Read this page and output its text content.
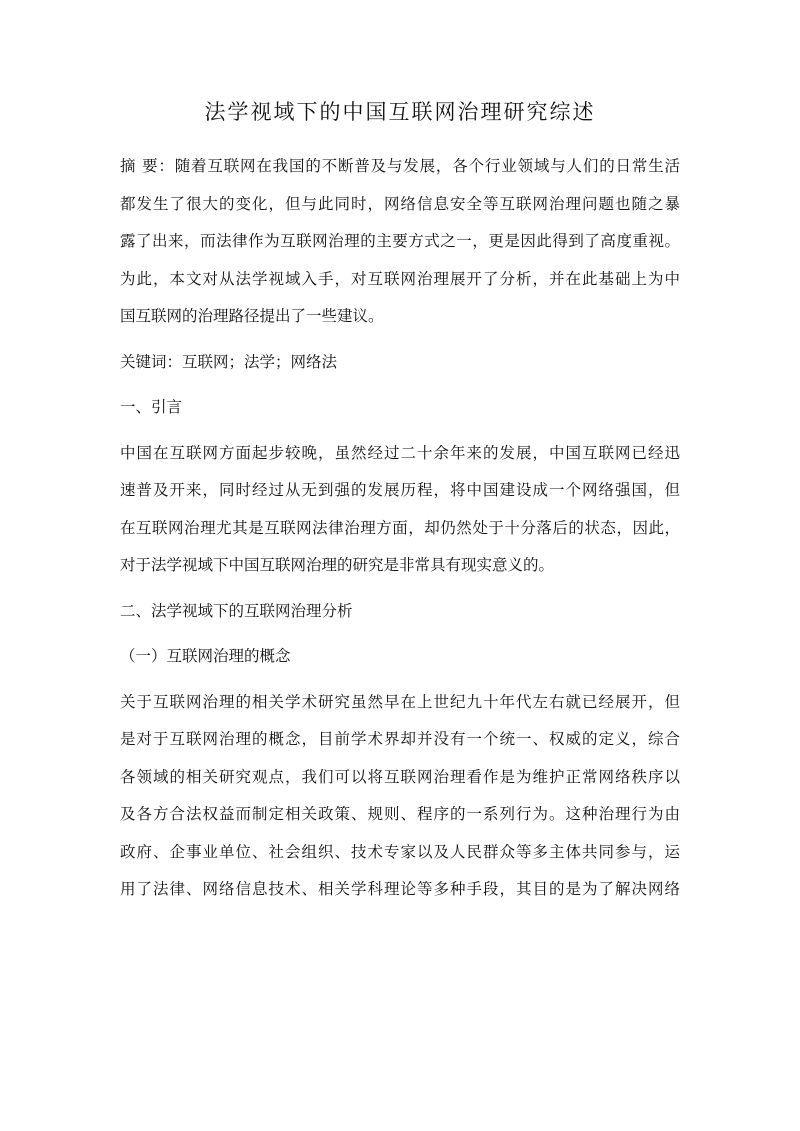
法学视域下的中国互联网治理研究综述
摘 要：随着互联网在我国的不断普及与发展，各个行业领域与人们的日常生活
都发生了很大的变化，但与此同时，网络信息安全等互联网治理问题也随之暴
露了出来，而法律作为互联网治理的主要方式之一，更是因此得到了高度重视。
为此，本文对从法学视域入手，对互联网治理展开了分析，并在此基础上为中
国互联网的治理路径提出了一些建议。
关键词：互联网；法学；网络法
一、引言
中国在互联网方面起步较晚，虽然经过二十余年来的发展，中国互联网已经迅
速普及开来，同时经过从无到强的发展历程，将中国建设成一个网络强国，但
在互联网治理尤其是互联网法律治理方面，却仍然处于十分落后的状态，因此，
对于法学视域下中国互联网治理的研究是非常具有现实意义的。
二、法学视域下的互联网治理分析
（一）互联网治理的概念
关于互联网治理的相关学术研究虽然早在上世纪九十年代左右就已经展开，但
是对于互联网治理的概念，目前学术界却并没有一个统一、权威的定义，综合
各领域的相关研究观点，我们可以将互联网治理看作是为维护正常网络秩序以
及各方合法权益而制定相关政策、规则、程序的一系列行为。这种治理行为由
政府、企事业单位、社会组织、技术专家以及人民群众等多主体共同参与，运
用了法律、网络信息技术、相关学科理论等多种手段，其目的是为了解决网络
